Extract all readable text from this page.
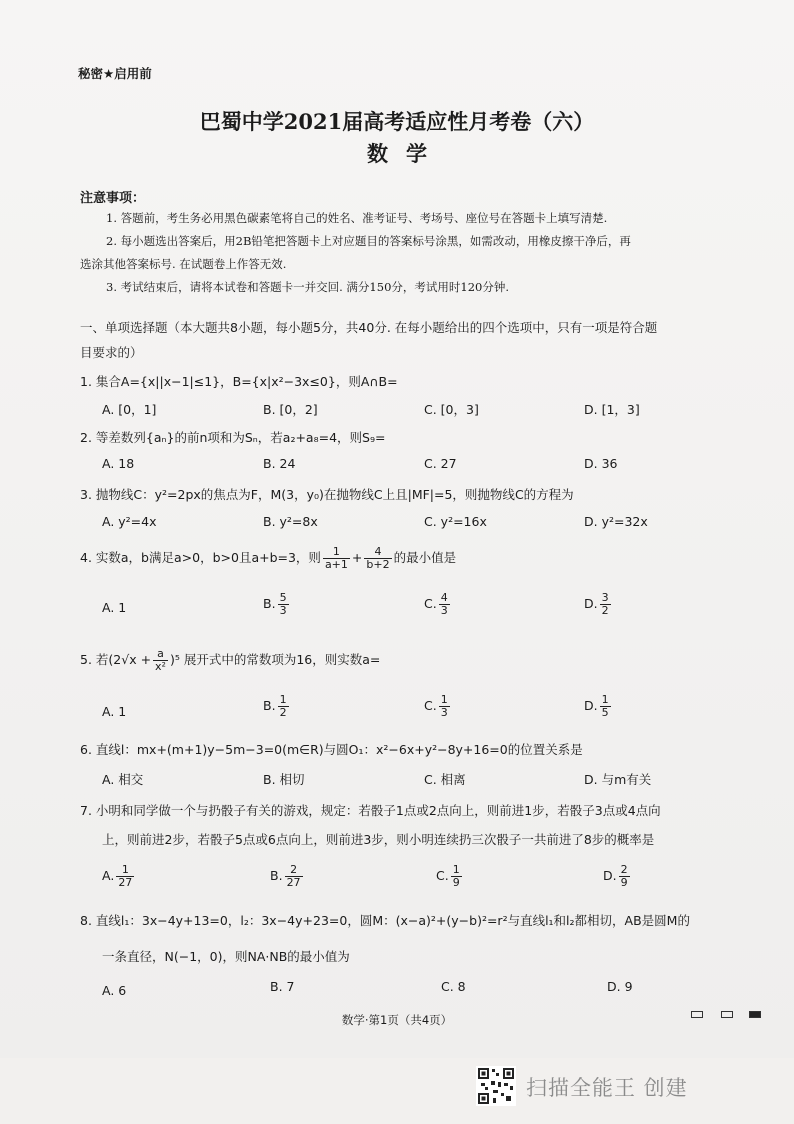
秘密★启用前
巴蜀中学2021届高考适应性月考卷（六）
数学
注意事项：
1. 答题前，考生务必用黑色碳素笔将自己的姓名、准考证号、考场号、座位号在答题卡上填写清楚.
2. 每小题选出答案后，用2B铅笔把答题卡上对应题目的答案标号涂黑，如需改动，用橡皮擦干净后，再
选涂其他答案标号. 在试题卷上作答无效.
3. 考试结束后，请将本试卷和答题卡一并交回. 满分150分，考试用时120分钟.
一、单项选择题（本大题共8小题，每小题5分，共40分. 在每小题给出的四个选项中，只有一项是符合题
目要求的）
1. 集合A={x||x−1|≤1}，B={x|x²−3x≤0}，则A∩B=
A. [0，1]	B. [0，2]	C. [0，3]	D. [1，3]
2. 等差数列{aₙ}的前n项和为Sₙ，若a₂+a₈=4，则S₉=
A. 18	B. 24	C. 27	D. 36
3. 抛物线C：y²=2px的焦点为F，M(3，y₀)在抛物线C上且|MF|=5，则抛物线C的方程为
A. y²=4x	B. y²=8x	C. y²=16x	D. y²=32x
4. 实数a，b满足a>0，b>0且a+b=3，则 $\frac{1}{a+1} + \frac{4}{b+2}$ 的最小值是
A. 1	B. $\frac{5}{3}$	C. $\frac{4}{3}$	D. $\frac{3}{2}$
5. 若$(2√x + \frac{a}{\text{x²}} )^5$ 展开式中的常数项为16，则实数a=
A. 1	B. $\frac{1}{2}$	C. $\frac{1}{3}$	D. $\frac{1}{5}$
6. 直线l：mx+(m+1)y−5m−3=0(m∈R)与圆O₁：x²−6x+y²−8y+16=0的位置关系是
A. 相交	B. 相切	C. 相离	D. 与m有关
7. 小明和同学做一个与扔骰子有关的游戏，规定：若骰子1点或2点向上，则前进1步，若骰子3点或4点向
上，则前进2步，若骰子5点或6点向上，则前进3步，则小明连续扔三次骰子一共前进了8步的概率是
A. $\frac{1}{27}$	B. $\frac{2}{27}$	C. $\frac{1}{9}$	D. $\frac{2}{9}$
8. 直线l₁：3x−4y+13=0，l₂：3x−4y+23=0，圆M：(x−a)²+(y−b)²=r²与直线l₁和l₂都相切，AB是圆M的
一条直径，N(−1，0)，则NA·NB的最小值为
A. 6	B. 7	C. 8	D. 9
数学·第1页（共4页）
扫描全能王 创建
